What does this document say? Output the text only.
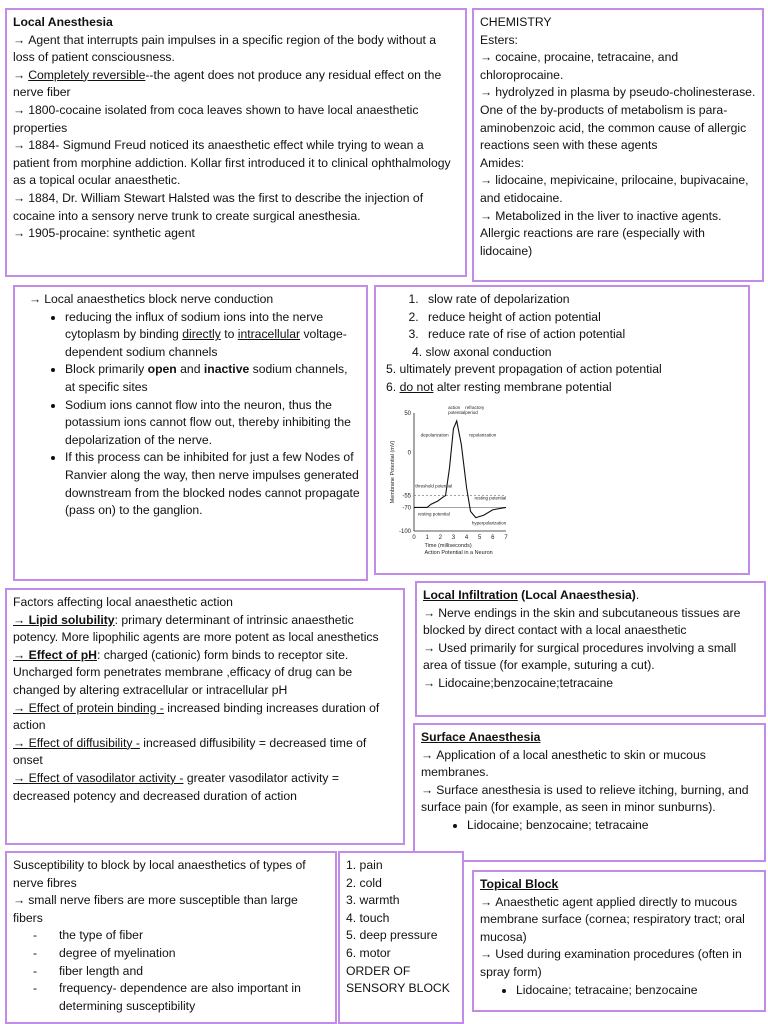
Local Anesthesia

→ Agent that interrupts pain impulses in a specific region of the body without a loss of patient consciousness.

→ Completely reversible--the agent does not produce any residual effect on the nerve fiber

→ 1800-cocaine isolated from coca leaves shown to have local anaesthetic properties

→ 1884- Sigmund Freud noticed its anaesthetic effect while trying to wean a patient from morphine addiction. Kollar first introduced it to clinical ophthalmology as a topical ocular anaesthetic.

→ 1884, Dr. William Stewart Halsted was the first to describe the injection of cocaine into a sensory nerve trunk to create surgical anesthesia.

→ 1905-procaine: synthetic agent

CHEMISTRY

Esters:

→ cocaine, procaine, tetracaine, and chloroprocaine.

→ hydrolyzed in plasma by pseudo-cholinesterase. One of the by-products of metabolism is para-aminobenzoic acid, the common cause of allergic reactions seen with these agents

Amides:

→ lidocaine, mepivicaine, prilocaine, bupivacaine, and etidocaine.

→ Metabolized in the liver to inactive agents. Allergic reactions are rare (especially with lidocaine)

→ Local anaesthetics block nerve conduction

• reducing the influx of sodium ions into the nerve cytoplasm by binding directly to intracellular voltage-dependent sodium channels
• Block primarily open and inactive sodium channels, at specific sites
• Sodium ions cannot flow into the neuron, thus the potassium ions cannot flow out, thereby inhibiting the depolarization of the nerve.
• If this process can be inhibited for just a few Nodes of Ranvier along the way, then nerve impulses generated downstream from the blocked nodes cannot propagate (pass on) to the ganglion.
1. slow rate of depolarization
2. reduce height of action potential
3. reduce rate of rise of action potential

4. slow axonal conduction

5. ultimately prevent propagation of action potential

6. do not alter resting membrane potential

50
0
-55
-70
-100
0 1 2 3 4 5 6 7
Membrane Potential (mV)
Time (milliseconds)
Action Potential in a Neuron
action
potential
refractory
period
depolarization	repolarization
threshold potential
resting potential
resting potential
hyperpolarization

Factors affecting local anaesthetic action

→ Lipid solubility: primary determinant of intrinsic anaesthetic potency. More lipophilic agents are more potent as local anesthetics

→ Effect of pH: charged (cationic) form binds to receptor site. Uncharged form penetrates membrane ,efficacy of drug can be changed by altering extracellular or intracellular pH

→ Effect of protein binding - increased binding increases duration of action

→ Effect of diffusibility - increased diffusibility = decreased time of onset

→ Effect of vasodilator activity - greater vasodilator activity = decreased potency and decreased duration of action

Local Infiltration (Local Anaesthesia).

→ Nerve endings in the skin and subcutaneous tissues are blocked by direct contact with a local anaesthetic

→ Used primarily for surgical procedures involving a small area of tissue (for example, suturing a cut).

→ Lidocaine;benzocaine;tetracaine

Surface Anaesthesia

→ Application of a local anesthetic to skin or mucous membranes.

→ Surface anesthesia is used to relieve itching, burning, and surface pain (for example, as seen in minor sunburns).

• Lidocaine; benzocaine; tetracaine

Susceptibility to block by local anaesthetics of types of nerve fibres

→ small nerve fibers are more susceptible than large fibers

- the type of fiber
- degree of myelination
- fiber length and
- frequency- dependence are also important in determining susceptibility

1. pain

2. cold

3. warmth

4. touch

5. deep pressure

6. motor

ORDER OF SENSORY BLOCK

Topical Block

→ Anaesthetic agent applied directly to mucous membrane surface (cornea; respiratory tract; oral mucosa)

→ Used during examination procedures (often in spray form)

• Lidocaine; tetracaine; benzocaine
